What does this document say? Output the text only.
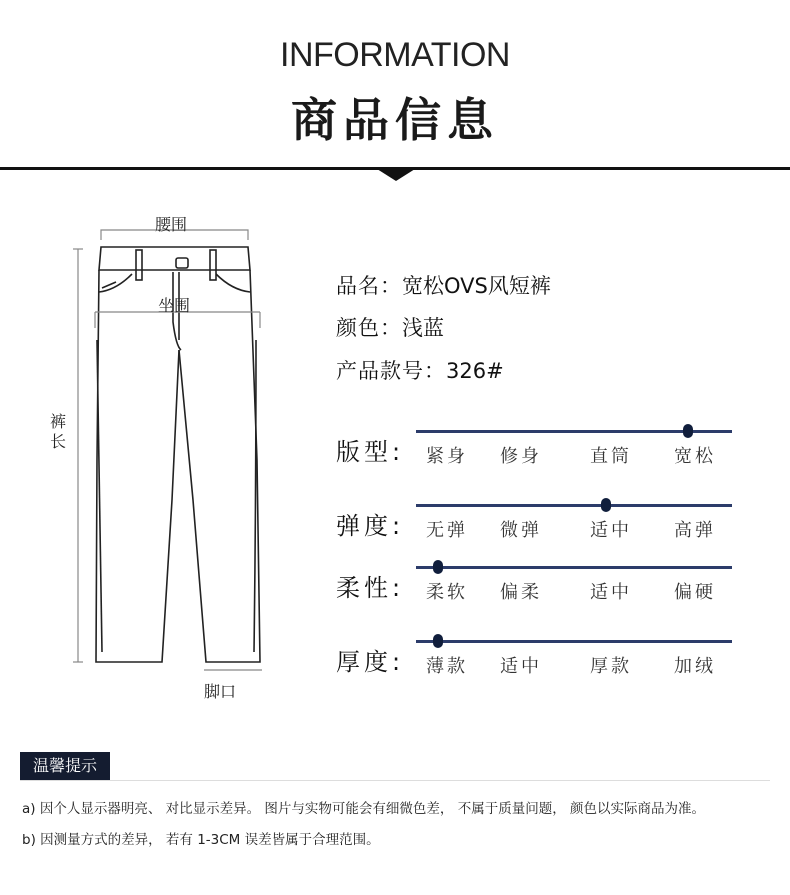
INFORMATION
商品信息
腰围
坐围
裤长
脚口
品名：宽松OVS风短裤
颜色：浅蓝
产品款号：326#
版型: 紧身 修身	直筒 宽松
弹度: 无弹 微弹	适中 高弹
柔性: 柔软 偏柔	适中 偏硬
厚度: 薄款 适中	厚款 加绒
温馨提示
a) 因个人显示器明亮、 对比显示差异。 图片与实物可能会有细微色差， 不属于质量问题， 颜色以实际商品为准。
b) 因测量方式的差异， 若有 1-3CM 误差皆属于合理范围。
